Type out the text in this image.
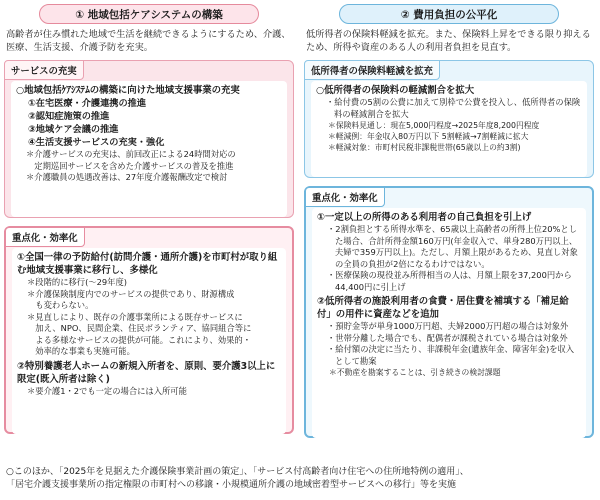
① 地域包括ケアシステムの構築
高齢者が住み慣れた地域で生活を継続できるようにするため、介護、医療、生活支援、介護予防を充実。
サービスの充実
○地域包括ｹｱｼｽﾃﾑの構築に向けた地域支援事業の充実
①在宅医療・介護連携の推進
②認知症施策の推進
③地域ケア会議の推進
④生活支援サービスの充実・強化
＊介護サービスの充実は、前回改正による24時間対応の
　定期巡回サービスを含めた介護サービスの普及を推進
＊介護職員の処遇改善は、27年度介護報酬改定で検討
重点化・効率化
①全国一律の予防給付(訪問介護・通所介護)を市町村が取り組む地域支援事業に移行し、多様化
＊段階的に移行(～29年度)
＊介護保険制度内でのサービスの提供であり、財源構成
　も変わらない。
＊見直しにより、既存の介護事業所による既存サービスに
　加え、NPO、民間企業、住民ボランティア、協同組合等に
　よる多様なサービスの提供が可能。これにより、効果的・
　効率的な事業も実施可能。
②特別養護老人ホームの新規入所者を、原則、要介護3以上に限定(既入所者は除く)
＊要介護1・2でも一定の場合には入所可能
② 費用負担の公平化
低所得者の保険料軽減を拡充。また、保険料上昇をできる限り抑えるため、所得や資産のある人の利用者負担を見直す。
低所得者の保険料軽減を拡充
○低所得者の保険料の軽減割合を拡大
・給付費の5割の公費に加えて別枠で公費を投入し、低所得者の保険料の軽減割合を拡大
＊保険料見通し：現在5,000円程度→2025年度8,200円程度
＊軽減例：年金収入80万円以下 5割軽減→7割軽減に拡大
＊軽減対象：市町村民税非課税世帯(65歳以上の約3割)
重点化・効率化
①一定以上の所得のある利用者の自己負担を引上げ
・2割負担とする所得水準を、65歳以上高齢者の所得上位20%とした場合、合計所得金額160万円(年金収入で、単身280万円以上、夫婦で359万円以上)。ただし、月額上限があるため、見直し対象の全員の負担が2倍になるわけではない。
・医療保険の現役並み所得相当の人は、月額上限を37,200円から44,400円に引上げ
②低所得者の施設利用者の食費・居住費を補填する「補足給付」の用件に資産などを追加
・預貯金等が単身1000万円超、夫婦2000万円超の場合は対象外
・世帯分離した場合でも、配偶者が課税されている場合は対象外
・給付額の決定に当たり、非課税年金(遺族年金、障害年金)を収入として勘案
＊不動産を勘案することは、引き続きの検討課題
○このほか、「2025年を見据えた介護保険事業計画の策定」、「サービス付高齢者向け住宅への住所地特例の適用」、
「居宅介護支援事業所の指定権限の市町村への移譲・小規模通所介護の地域密着型サービスへの移行」等を実施
